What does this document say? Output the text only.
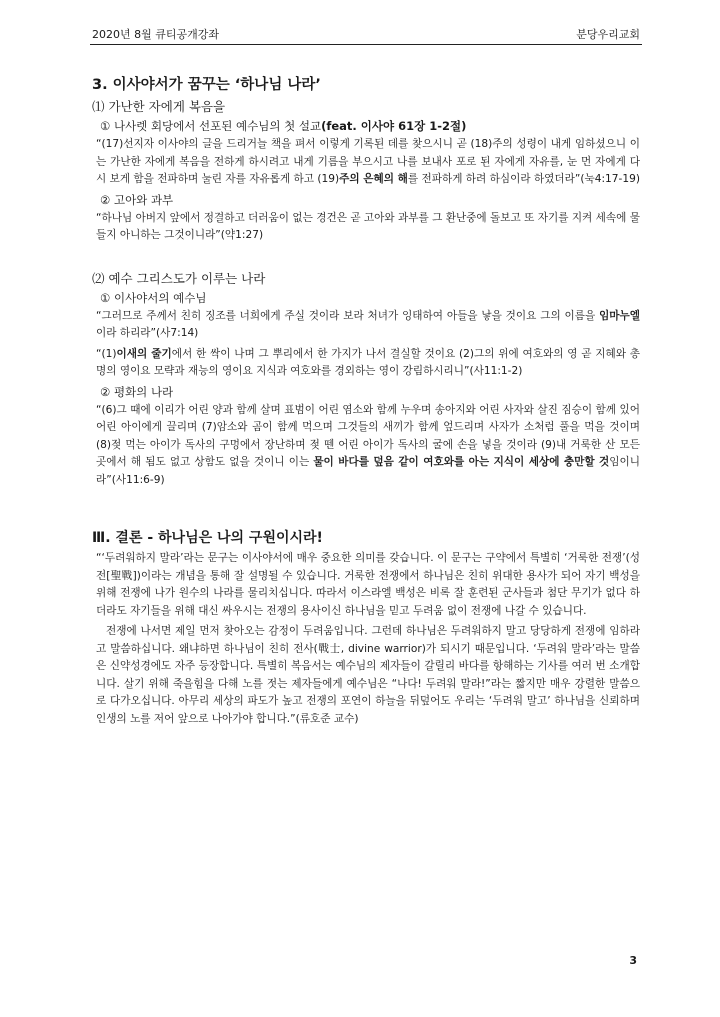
2020년 8월 큐티공개강좌	분당우리교회
3. 이사야서가 꿈꾸는 ‘하나님 나라’
⑴ 가난한 자에게 복음을
① 나사렛 회당에서 선포된 예수님의 첫 설교(feat. 이사야 61장 1-2절)
“(17)선지자 이사야의 글을 드리거늘 책을 펴서 이렇게 기록된 데를 찾으시니 곧 (18)주의 성령이 내게 임하셨으니 이는 가난한 자에게 복음을 전하게 하시려고 내게 기름을 부으시고 나를 보내사 포로 된 자에게 자유를, 눈 먼 자에게 다시 보게 함을 전파하며 눌린 자를 자유롭게 하고 (19)주의 은혜의 해를 전파하게 하려 하심이라 하였더라”(눅4:17-19)
② 고아와 과부
“하나님 아버지 앞에서 정결하고 더러움이 없는 경건은 곧 고아와 과부를 그 환난중에 돌보고 또 자기를 지켜 세속에 물들지 아니하는 그것이니라”(약1:27)
⑵ 예수 그리스도가 이루는 나라
① 이사야서의 예수님
“그러므로 주께서 친히 징조를 너희에게 주실 것이라 보라 처녀가 잉태하여 아들을 낳을 것이요 그의 이름을 임마누엘이라 하리라”(사7:14)
“(1)이새의 줄기에서 한 싹이 나며 그 뿌리에서 한 가지가 나서 결실할 것이요 (2)그의 위에 여호와의 영 곧 지혜와 총명의 영이요 모략과 재능의 영이요 지식과 여호와를 경외하는 영이 강림하시리니”(사11:1-2)
② 평화의 나라
“(6)그 때에 이리가 어린 양과 함께 살며 표범이 어린 염소와 함께 누우며 송아지와 어린 사자와 살진 짐승이 함께 있어 어린 아이에게 끌리며 (7)암소와 곰이 함께 먹으며 그것들의 새끼가 함께 엎드리며 사자가 소처럼 풀을 먹을 것이며 (8)젖 먹는 아이가 독사의 구멍에서 장난하며 젖 뗀 어린 아이가 독사의 굴에 손을 넣을 것이라 (9)내 거룩한 산 모든 곳에서 해 됨도 없고 상함도 없을 것이니 이는 물이 바다를 덮음 같이 여호와를 아는 지식이 세상에 충만할 것임이니라”(사11:6-9)
Ⅲ. 결론 - 하나님은 나의 구원이시라!
“‘두려워하지 말라’라는 문구는 이사야서에 매우 중요한 의미를 갖습니다. 이 문구는 구약에서 특별히 ‘거룩한 전쟁’(성전[聖戰])이라는 개념을 통해 잘 설명될 수 있습니다. 거룩한 전쟁에서 하나님은 친히 위대한 용사가 되어 자기 백성을 위해 전쟁에 나가 원수의 나라를 물리치십니다. 따라서 이스라엘 백성은 비록 잘 훈련된 군사들과 첨단 무기가 없다 하더라도 자기들을 위해 대신 싸우시는 전쟁의 용사이신 하나님을 믿고 두려움 없이 전쟁에 나갈 수 있습니다.
전쟁에 나서면 제일 먼저 찾아오는 감정이 두려움입니다. 그런데 하나님은 두려워하지 말고 당당하게 전쟁에 임하라고 말씀하십니다. 왜냐하면 하나님이 친히 전사(戰士, divine warrior)가 되시기 때문입니다. ‘두려워 말라’라는 말씀은 신약성경에도 자주 등장합니다. 특별히 복음서는 예수님의 제자들이 갈릴리 바다를 항해하는 기사를 여러 번 소개합니다. 살기 위해 죽을힘을 다해 노를 젓는 제자들에게 예수님은 “나다! 두려워 말라!”라는 짧지만 매우 강렬한 말씀으로 다가오십니다. 아무리 세상의 파도가 높고 전쟁의 포연이 하늘을 뒤덮어도 우리는 ‘두려워 말고’ 하나님을 신뢰하며 인생의 노를 저어 앞으로 나아가야 합니다.”(류호준 교수)
3
